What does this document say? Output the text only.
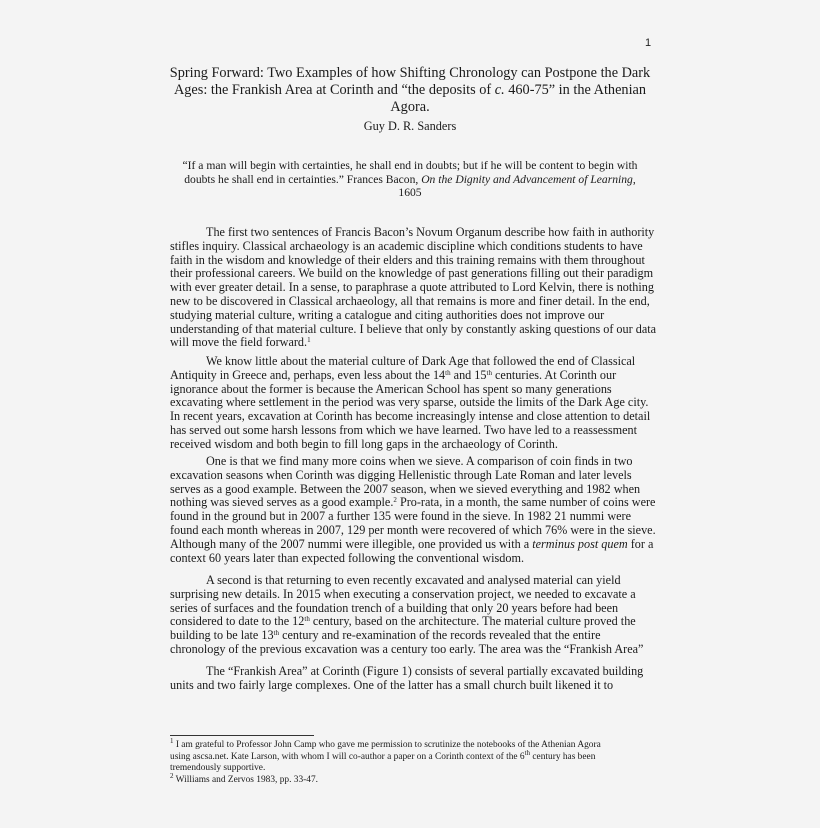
1
Spring Forward: Two Examples of how Shifting Chronology can Postpone the Dark
Ages: the Frankish Area at Corinth and “the deposits of c. 460-75” in the Athenian
Agora.
Guy D. R. Sanders
“If a man will begin with certainties, he shall end in doubts; but if he will be content to begin with
doubts he shall end in certainties.” Frances Bacon, On the Dignity and Advancement of Learning,
1605

The first two sentences of Francis Bacon’s Novum Organum describe how faith in authority
stifles inquiry. Classical archaeology is an academic discipline which conditions students to have
faith in the wisdom and knowledge of their elders and this training remains with them throughout
their professional careers. We build on the knowledge of past generations filling out their paradigm
with ever greater detail. In a sense, to paraphrase a quote attributed to Lord Kelvin, there is nothing
new to be discovered in Classical archaeology, all that remains is more and finer detail. In the end,
studying material culture, writing a catalogue and citing authorities does not improve our
understanding of that material culture. I believe that only by constantly asking questions of our data
will move the field forward.$^1$

We know little about the material culture of Dark Age that followed the end of Classical
Antiquity in Greece and, perhaps, even less about the 14th and 15th centuries. At Corinth our
ignorance about the former is because the American School has spent so many generations
excavating where settlement in the period was very sparse, outside the limits of the Dark Age city.
In recent years, excavation at Corinth has become increasingly intense and close attention to detail
has served out some harsh lessons from which we have learned. Two have led to a reassessment
received wisdom and both begin to fill long gaps in the archaeology of Corinth.

One is that we find many more coins when we sieve. A comparison of coin finds in two
excavation seasons when Corinth was digging Hellenistic through Late Roman and later levels
serves as a good example. Between the 2007 season, when we sieved everything and 1982 when
nothing was sieved serves as a good example.$^2$ Pro-rata, in a month, the same number of coins were
found in the ground but in 2007 a further 135 were found in the sieve. In 1982 21 nummi were
found each month whereas in 2007, 129 per month were recovered of which 76% were in the sieve.
Although many of the 2007 nummi were illegible, one provided us with a terminus post quem for a
context 60 years later than expected following the conventional wisdom.

A second is that returning to even recently excavated and analysed material can yield
surprising new details. In 2015 when executing a conservation project, we needed to excavate a
series of surfaces and the foundation trench of a building that only 20 years before had been
considered to date to the 12th century, based on the architecture. The material culture proved the
building to be late 13th century and re-examination of the records revealed that the entire
chronology of the previous excavation was a century too early. The area was the “Frankish Area”

The “Frankish Area” at Corinth (Figure 1) consists of several partially excavated building
units and two fairly large complexes. One of the latter has a small church built likened it to

$^1$ I am grateful to Professor John Camp who gave me permission to scrutinize the notebooks of the Athenian Agora
using ascsa.net. Kate Larson, with whom I will co-author a paper on a Corinth context of the 6th century has been
tremendously supportive.
$^2$ Williams and Zervos 1983, pp. 33-47.
